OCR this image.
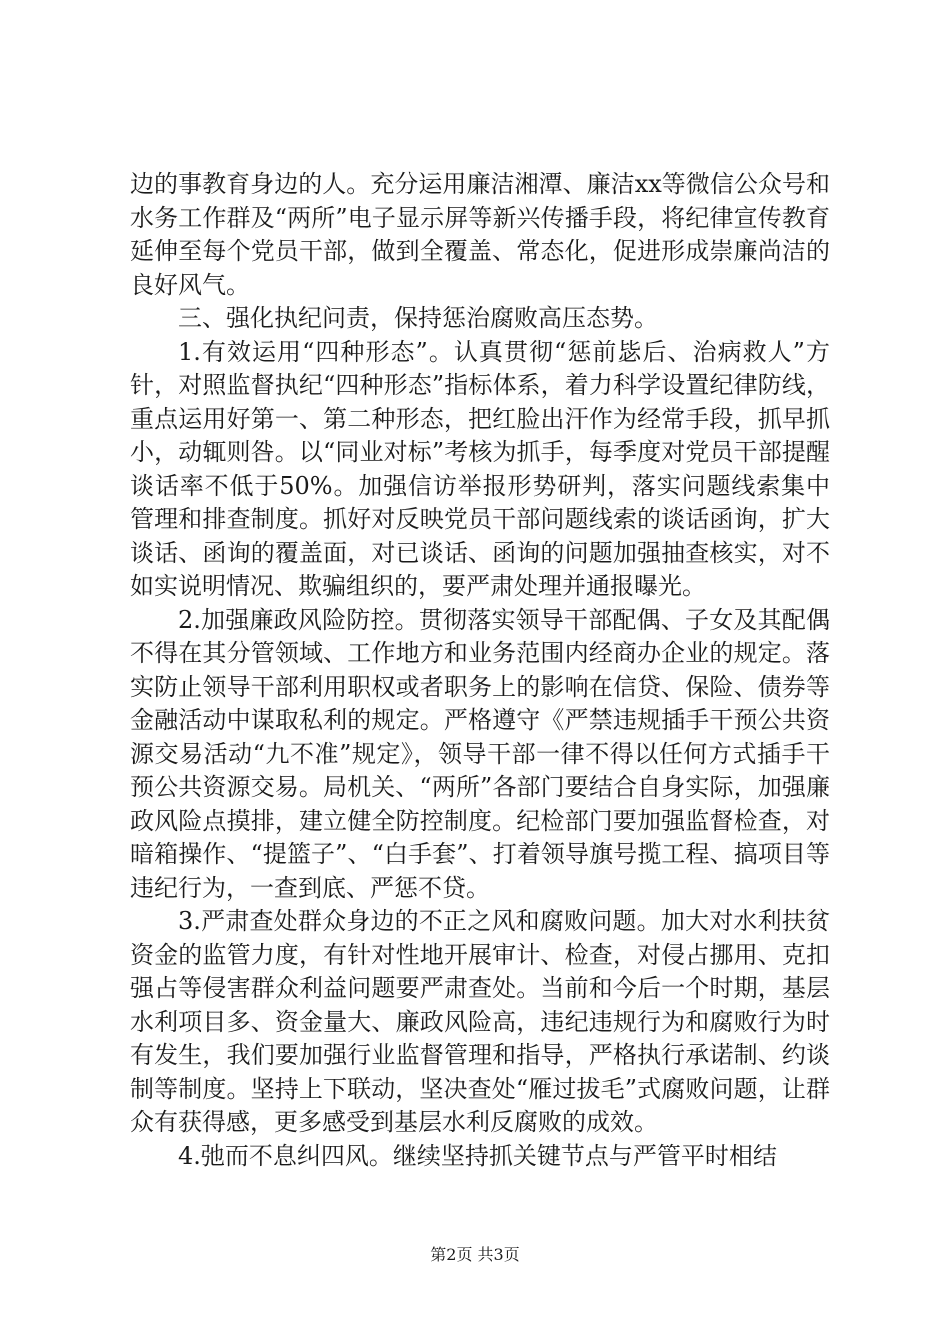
边的事教育身边的人。充分运用廉洁湘潭、廉洁xx等微信公众号和水务工作群及“两所”电子显示屏等新兴传播手段，将纪律宣传教育延伸至每个党员干部，做到全覆盖、常态化，促进形成崇廉尚洁的良好风气。

三、强化执纪问责，保持惩治腐败高压态势。

1.有效运用“四种形态”。认真贯彻“惩前毖后、治病救人”方针，对照监督执纪“四种形态”指标体系，着力科学设置纪律防线，重点运用好第一、第二种形态，把红脸出汗作为经常手段，抓早抓小，动辄则咎。以“同业对标”考核为抓手，每季度对党员干部提醒谈话率不低于50%。加强信访举报形势研判，落实问题线索集中管理和排查制度。抓好对反映党员干部问题线索的谈话函询，扩大谈话、函询的覆盖面，对已谈话、函询的问题加强抽查核实，对不如实说明情况、欺骗组织的，要严肃处理并通报曝光。

2.加强廉政风险防控。贯彻落实领导干部配偶、子女及其配偶不得在其分管领域、工作地方和业务范围内经商办企业的规定。落实防止领导干部利用职权或者职务上的影响在信贷、保险、债券等金融活动中谋取私利的规定。严格遵守《严禁违规插手干预公共资源交易活动“九不准”规定》，领导干部一律不得以任何方式插手干预公共资源交易。局机关、“两所”各部门要结合自身实际，加强廉政风险点摸排，建立健全防控制度。纪检部门要加强监督检查，对暗箱操作、“提篮子”、“白手套”、打着领导旗号揽工程、搞项目等违纪行为，一查到底、严惩不贷。

3.严肃查处群众身边的不正之风和腐败问题。加大对水利扶贫资金的监管力度，有针对性地开展审计、检查，对侵占挪用、克扣强占等侵害群众利益问题要严肃查处。当前和今后一个时期，基层水利项目多、资金量大、廉政风险高，违纪违规行为和腐败行为时有发生，我们要加强行业监督管理和指导，严格执行承诺制、约谈制等制度。坚持上下联动，坚决查处“雁过拔毛”式腐败问题，让群众有获得感，更多感受到基层水利反腐败的成效。

4.弛而不息纠四风。继续坚持抓关键节点与严管平时相结

第2页 共3页
